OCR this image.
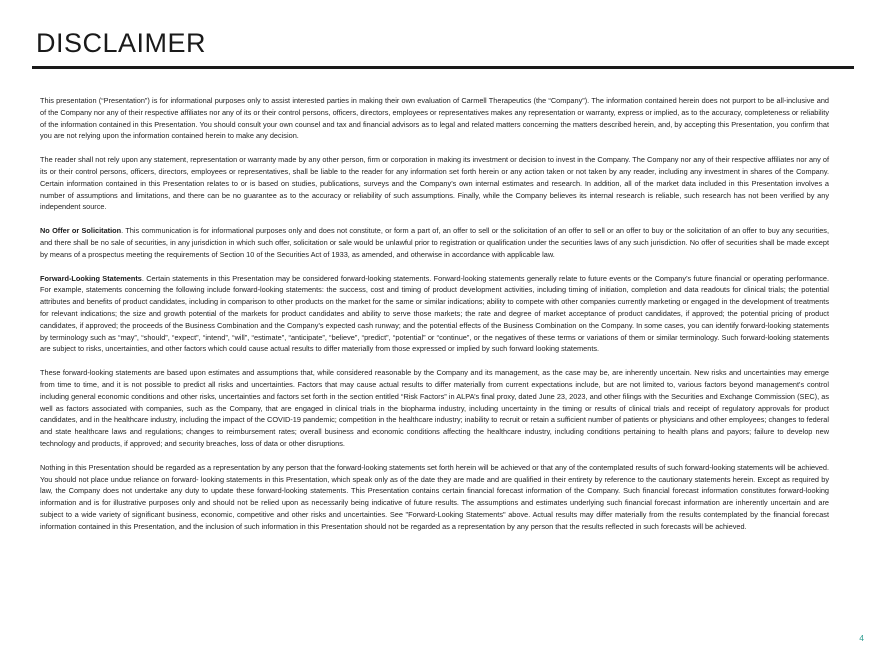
DISCLAIMER

This presentation (“Presentation”) is for informational purposes only to assist interested parties in making their own evaluation of Carmell Therapeutics (the “Company”). The information contained herein does not purport to be all-inclusive and of the Company nor any of their respective affiliates nor any of its or their control persons, officers, directors, employees or representatives makes any representation or warranty, express or implied, as to the accuracy, completeness or reliability of the information contained in this Presentation. You should consult your own counsel and tax and financial advisors as to legal and related matters concerning the matters described herein, and, by accepting this Presentation, you confirm that you are not relying upon the information contained herein to make any decision.

The reader shall not rely upon any statement, representation or warranty made by any other person, firm or corporation in making its investment or decision to invest in the Company. The Company nor any of their respective affiliates nor any of its or their control persons, officers, directors, employees or representatives, shall be liable to the reader for any information set forth herein or any action taken or not taken by any reader, including any investment in shares of the Company. Certain information contained in this Presentation relates to or is based on studies, publications, surveys and the Company’s own internal estimates and research. In addition, all of the market data included in this Presentation involves a number of assumptions and limitations, and there can be no guarantee as to the accuracy or reliability of such assumptions. Finally, while the Company believes its internal research is reliable, such research has not been verified by any independent source.

No Offer or Solicitation. This communication is for informational purposes only and does not constitute, or form a part of, an offer to sell or the solicitation of an offer to sell or an offer to buy or the solicitation of an offer to buy any securities, and there shall be no sale of securities, in any jurisdiction in which such offer, solicitation or sale would be unlawful prior to registration or qualification under the securities laws of any such jurisdiction. No offer of securities shall be made except by means of a prospectus meeting the requirements of Section 10 of the Securities Act of 1933, as amended, and otherwise in accordance with applicable law.

Forward-Looking Statements. Certain statements in this Presentation may be considered forward-looking statements. Forward-looking statements generally relate to future events or the Company’s future financial or operating performance. For example, statements concerning the following include forward-looking statements: the success, cost and timing of product development activities, including timing of initiation, completion and data readouts for clinical trials; the potential attributes and benefits of product candidates, including in comparison to other products on the market for the same or similar indications; ability to compete with other companies currently marketing or engaged in the development of treatments for relevant indications; the size and growth potential of the markets for product candidates and ability to serve those markets; the rate and degree of market acceptance of product candidates, if approved; the potential pricing of product candidates, if approved; the proceeds of the Business Combination and the Company’s expected cash runway; and the potential effects of the Business Combination on the Company. In some cases, you can identify forward-looking statements by terminology such as “may”, “should”, “expect”, “intend”, “will”, “estimate”, “anticipate”, “believe”, “predict”, “potential” or “continue”, or the negatives of these terms or variations of them or similar terminology. Such forward-looking statements are subject to risks, uncertainties, and other factors which could cause actual results to differ materially from those expressed or implied by such forward looking statements.

These forward-looking statements are based upon estimates and assumptions that, while considered reasonable by the Company and its management, as the case may be, are inherently uncertain. New risks and uncertainties may emerge from time to time, and it is not possible to predict all risks and uncertainties. Factors that may cause actual results to differ materially from current expectations include, but are not limited to, various factors beyond management's control including general economic conditions and other risks, uncertainties and factors set forth in the section entitled “Risk Factors” in ALPA’s final proxy, dated June 23, 2023, and other filings with the Securities and Exchange Commission (SEC), as well as factors associated with companies, such as the Company, that are engaged in clinical trials in the biopharma industry, including uncertainty in the timing or results of clinical trials and receipt of regulatory approvals for product candidates, and in the healthcare industry, including the impact of the COVID-19 pandemic; competition in the healthcare industry; inability to recruit or retain a sufficient number of patients or physicians and other employees; changes to federal and state healthcare laws and regulations; changes to reimbursement rates; overall business and economic conditions affecting the healthcare industry, including conditions pertaining to health plans and payors; failure to develop new technology and products, if approved; and security breaches, loss of data or other disruptions.

Nothing in this Presentation should be regarded as a representation by any person that the forward-looking statements set forth herein will be achieved or that any of the contemplated results of such forward-looking statements will be achieved. You should not place undue reliance on forward- looking statements in this Presentation, which speak only as of the date they are made and are qualified in their entirety by reference to the cautionary statements herein. Except as required by law, the Company does not undertake any duty to update these forward-looking statements. This Presentation contains certain financial forecast information of the Company. Such financial forecast information constitutes forward-looking information and is for illustrative purposes only and should not be relied upon as necessarily being indicative of future results. The assumptions and estimates underlying such financial forecast information are inherently uncertain and are subject to a wide variety of significant business, economic, competitive and other risks and uncertainties. See "Forward-Looking Statements" above. Actual results may differ materially from the results contemplated by the financial forecast information contained in this Presentation, and the inclusion of such information in this Presentation should not be regarded as a representation by any person that the results reflected in such forecasts will be achieved.

4
